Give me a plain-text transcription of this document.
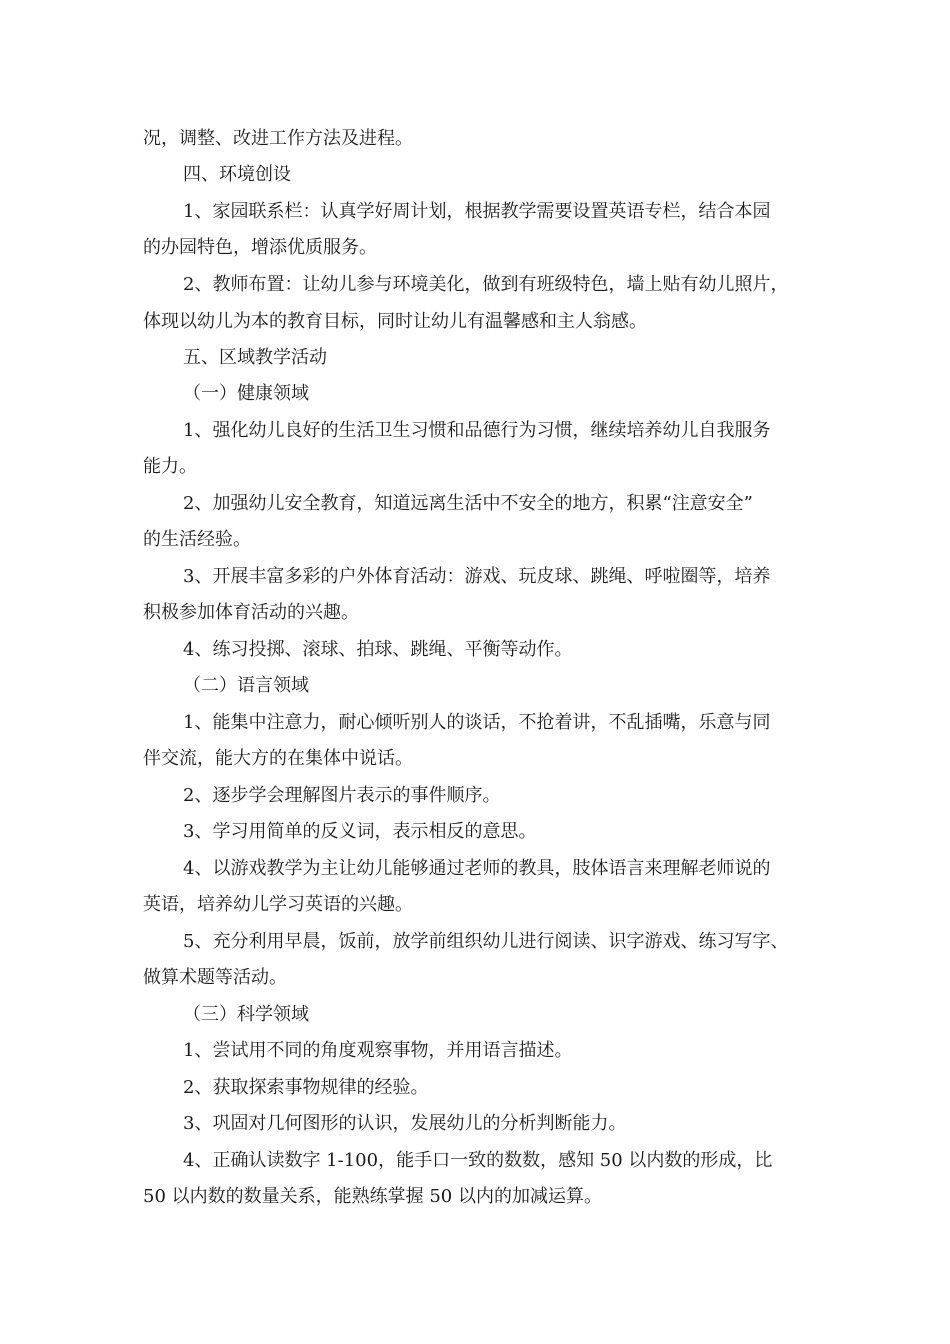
况，调整、改进工作方法及进程。
四、环境创设
1、家园联系栏：认真学好周计划，根据教学需要设置英语专栏，结合本园
的办园特色，增添优质服务。
2、教师布置：让幼儿参与环境美化，做到有班级特色，墙上贴有幼儿照片，
体现以幼儿为本的教育目标，同时让幼儿有温馨感和主人翁感。
五、区域教学活动
（一）健康领域
1、强化幼儿良好的生活卫生习惯和品德行为习惯，继续培养幼儿自我服务
能力。
2、加强幼儿安全教育，知道远离生活中不安全的地方，积累“注意安全”
的生活经验。
3、开展丰富多彩的户外体育活动：游戏、玩皮球、跳绳、呼啦圈等，培养
积极参加体育活动的兴趣。
4、练习投掷、滚球、拍球、跳绳、平衡等动作。
（二）语言领域
1、能集中注意力，耐心倾听别人的谈话，不抢着讲，不乱插嘴，乐意与同
伴交流，能大方的在集体中说话。
2、逐步学会理解图片表示的事件顺序。
3、学习用简单的反义词，表示相反的意思。
4、以游戏教学为主让幼儿能够通过老师的教具，肢体语言来理解老师说的
英语，培养幼儿学习英语的兴趣。
5、充分利用早晨，饭前，放学前组织幼儿进行阅读、识字游戏、练习写字、
做算术题等活动。
（三）科学领域
1、尝试用不同的角度观察事物，并用语言描述。
2、获取探索事物规律的经验。
3、巩固对几何图形的认识，发展幼儿的分析判断能力。
4、正确认读数字 1-100，能手口一致的数数，感知 50 以内数的形成，比
50 以内数的数量关系，能熟练掌握 50 以内的加减运算。
